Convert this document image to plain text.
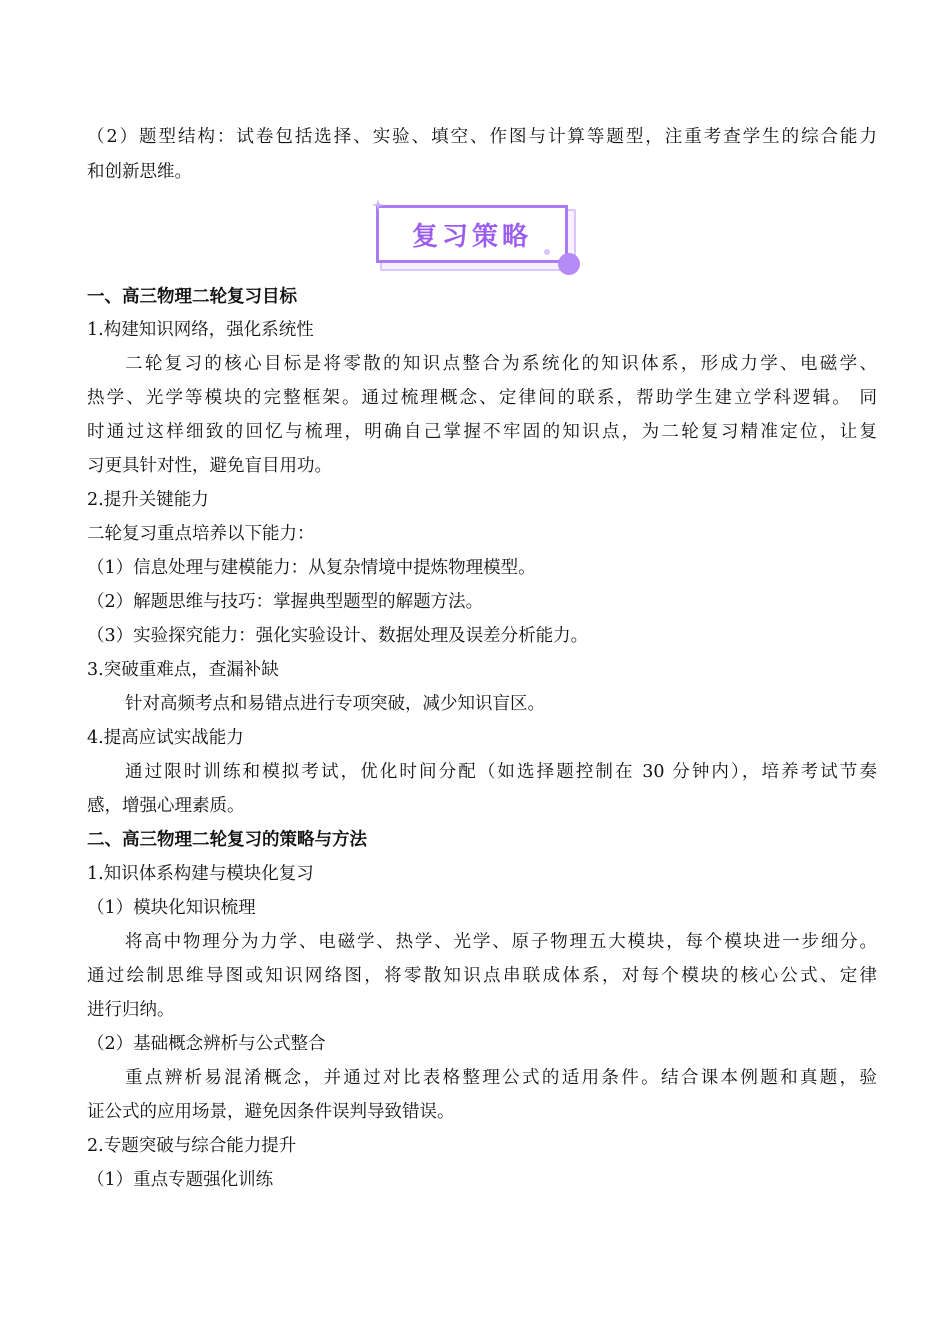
（2）题型结构：试卷包括选择、实验、填空、作图与计算等题型，注重考查学生的综合能力
和创新思维。
复习策略
一、高三物理二轮复习目标
1.构建知识网络，强化系统性
二轮复习的核心目标是将零散的知识点整合为系统化的知识体系，形成力学、电磁学、
热学、光学等模块的完整框架。通过梳理概念、定律间的联系，帮助学生建立学科逻辑。 同
时通过这样细致的回忆与梳理，明确自己掌握不牢固的知识点，为二轮复习精准定位，让复
习更具针对性，避免盲目用功。
2.提升关键能力
二轮复习重点培养以下能力：
（1）信息处理与建模能力：从复杂情境中提炼物理模型。
（2）解题思维与技巧：掌握典型题型的解题方法。
（3）实验探究能力：强化实验设计、数据处理及误差分析能力。
3.突破重难点，查漏补缺
针对高频考点和易错点进行专项突破，减少知识盲区。
4.提高应试实战能力
通过限时训练和模拟考试，优化时间分配（如选择题控制在 30 分钟内），培养考试节奏
感，增强心理素质。
二、高三物理二轮复习的策略与方法
1.知识体系构建与模块化复习
（1）模块化知识梳理
将高中物理分为力学、电磁学、热学、光学、原子物理五大模块，每个模块进一步细分。
通过绘制思维导图或知识网络图，将零散知识点串联成体系，对每个模块的核心公式、定律
进行归纳。
（2）基础概念辨析与公式整合
重点辨析易混淆概念，并通过对比表格整理公式的适用条件。结合课本例题和真题，验
证公式的应用场景，避免因条件误判导致错误。
2.专题突破与综合能力提升
（1）重点专题强化训练
